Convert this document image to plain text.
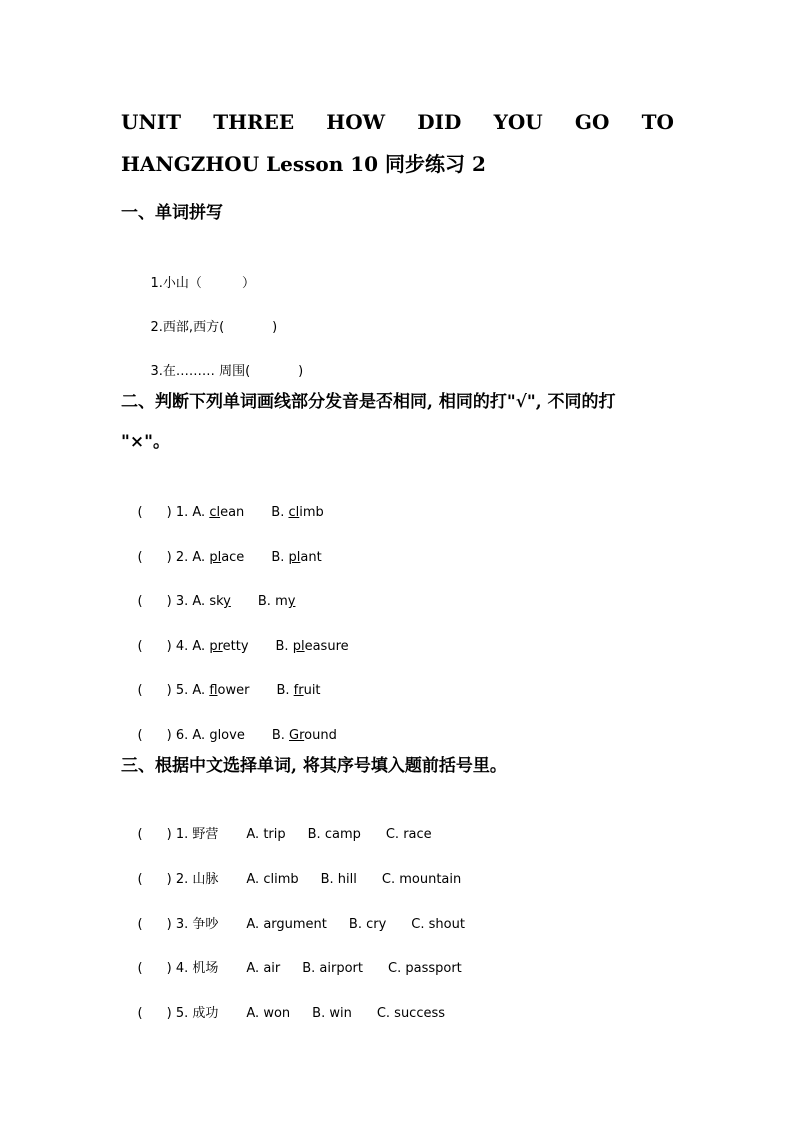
UNIT THREE HOW DID YOU GO TO
HANGZHOU Lesson 10 同步练习 2
一、单词拼写

1.小山（	）

2.西部,西方(	)

3.在……… 周围(	)

二、判断下列单词画线部分发音是否相同, 相同的打"√", 不同的打
"×"。

( ) 1. A. clean B. climb

( ) 2. A. place B. plant

( ) 3. A. sky B. my

( ) 4. A. pretty B. pleasure

( ) 5. A. flower B. fruit

( ) 6. A. glove B. Ground

三、根据中文选择单词, 将其序号填入题前括号里。

( ) 1. 野营 A. trip B. camp C. race

( ) 2. 山脉 A. climb B. hill C. mountain

( ) 3. 争吵 A. argument B. cry C. shout

( ) 4. 机场 A. air B. airport C. passport

( ) 5. 成功 A. won B. win C. success
